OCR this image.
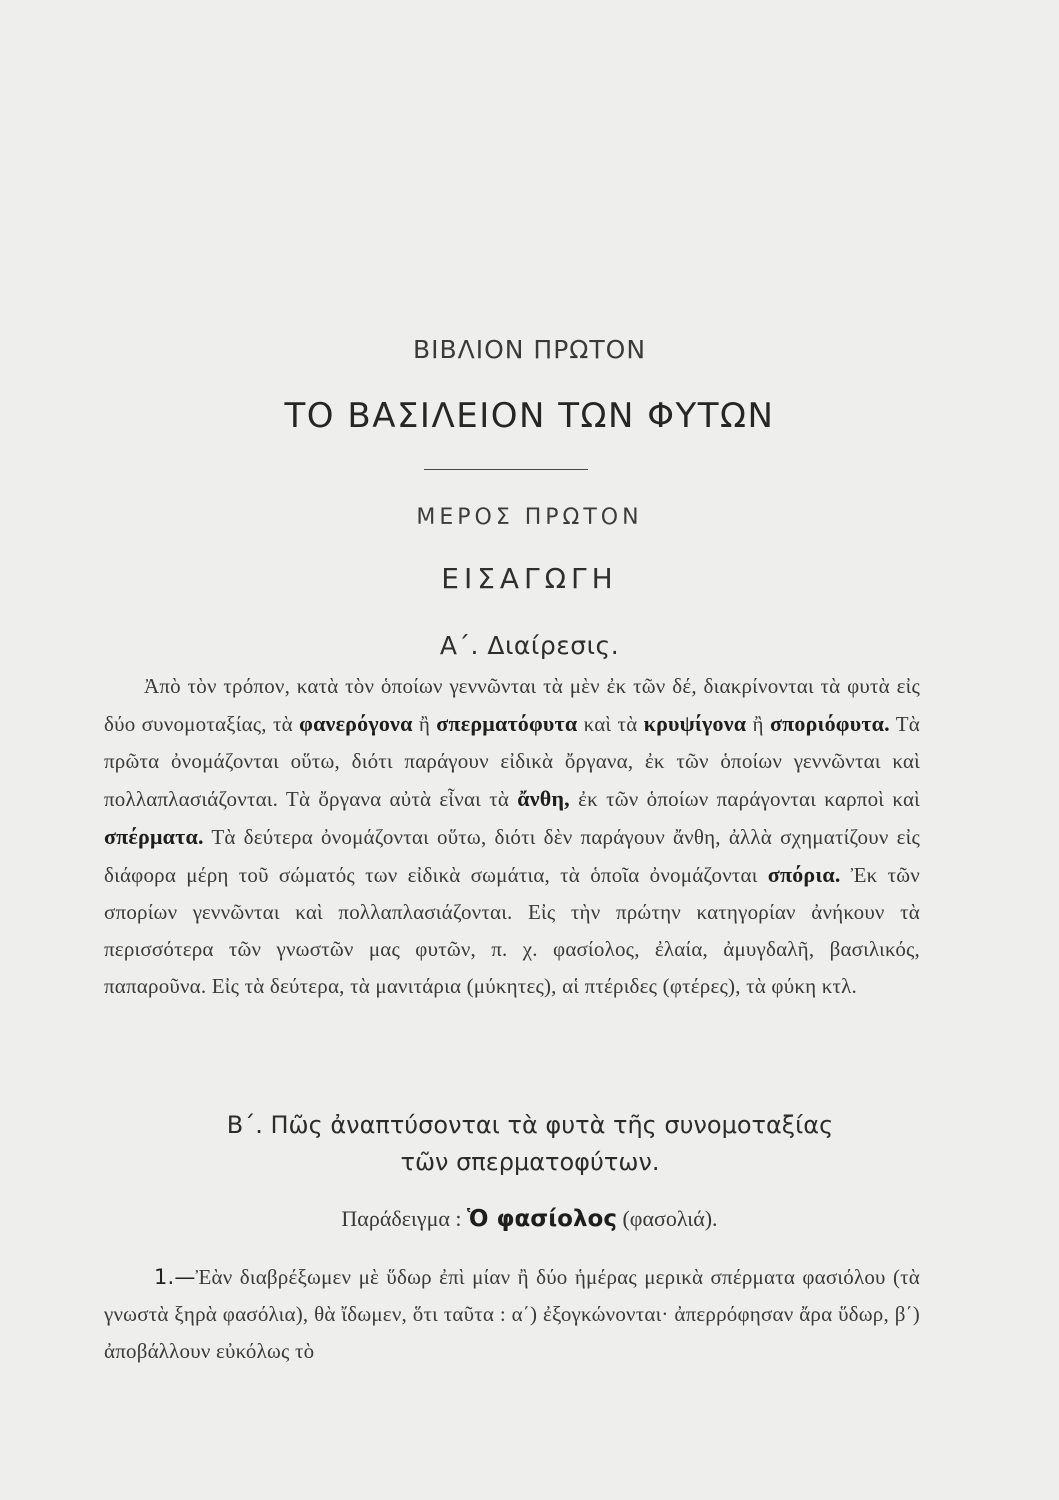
ΒΙΒΛΙΟΝ ΠΡΩΤΟΝ

ΤΟ ΒΑΣΙΛΕΙΟΝ ΤΩΝ ΦΥΤΩΝ

ΜΕΡΟΣ ΠΡΩΤΟΝ

ΕΙΣΑΓΩΓΗ

Α΄. Διαίρεσις.

Ἀπὸ τὸν τρόπον, κατὰ τὸν ὁποίων γεννῶνται τὰ μὲν ἐκ τῶν δέ, διακρίνονται τὰ φυτὰ εἰς δύο συνομοταξίας, τὰ φανερόγονα ἢ σπερματόφυτα καὶ τὰ κρυψίγονα ἢ σποριόφυτα. Τὰ πρῶτα ὀνομάζονται οὕτω, διότι παράγουν εἰδικὰ ὄργανα, ἐκ τῶν ὁποίων γεννῶνται καὶ πολλαπλασιάζονται. Τὰ ὄργανα αὐτὰ εἶναι τὰ ἄνθη, ἐκ τῶν ὁποίων παράγονται καρποὶ καὶ σπέρματα. Τὰ δεύτερα ὀνομάζονται οὕτω, διότι δὲν παράγουν ἄνθη, ἀλλὰ σχηματίζουν εἰς διάφορα μέρη τοῦ σώματός των εἰδικὰ σωμάτια, τὰ ὁποῖα ὀνομάζονται σπόρια. Ἐκ τῶν σπορίων γεννῶνται καὶ πολλαπλασιάζονται. Εἰς τὴν πρώτην κατηγορίαν ἀνήκουν τὰ περισσότερα τῶν γνωστῶν μας φυτῶν, π. χ. φασίολος, ἐλαία, ἀμυγδαλῆ, βασιλικός, παπαροῦνα. Εἰς τὰ δεύτερα, τὰ μανιτάρια (μύκητες), αἱ πτέριδες (φτέρες), τὰ φύκη κτλ.

Β΄. Πῶς ἀναπτύσονται τὰ φυτὰ τῆς συνομοταξίας
τῶν σπερματοφύτων.

Παράδειγμα : Ὁ φασίολος (φασολιά).

1.—Ἐὰν διαβρέξωμεν μὲ ὕδωρ ἐπὶ μίαν ἢ δύο ἡμέρας μερικὰ σπέρματα φασιόλου (τὰ γνωστὰ ξηρὰ φασόλια), θὰ ἴδωμεν, ὅτι ταῦτα : α΄) ἐξογκώνονται· ἀπερρόφησαν ἄρα ὕδωρ, β΄) ἀποβάλλουν εὐκόλως τὸ
